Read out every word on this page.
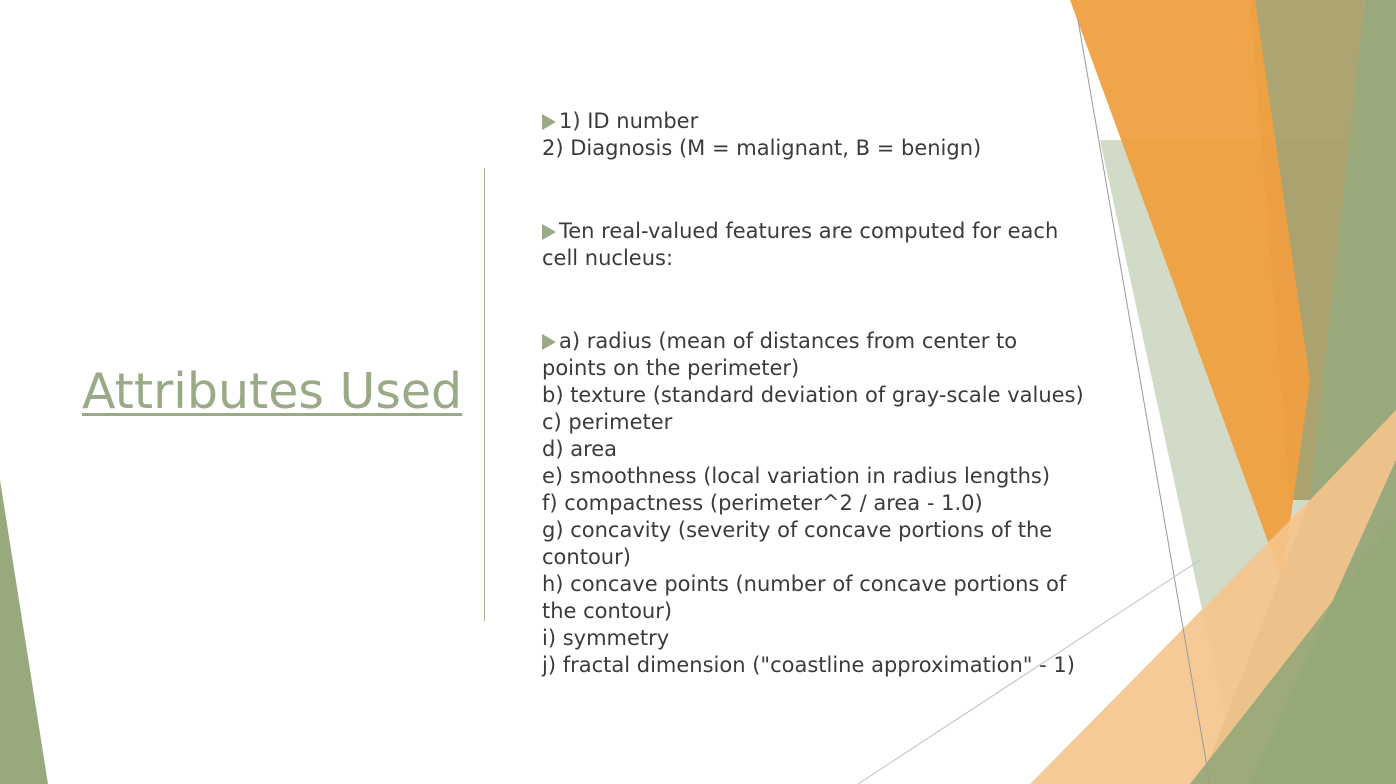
Attributes Used
1) ID number
2) Diagnosis (M = malignant, B = benign)
Ten real-valued features are computed for each
cell nucleus:
a) radius (mean of distances from center to
points on the perimeter)
b) texture (standard deviation of gray-scale values)
c) perimeter
d) area
e) smoothness (local variation in radius lengths)
f) compactness (perimeter^2 / area - 1.0)
g) concavity (severity of concave portions of the
contour)
h) concave points (number of concave portions of
the contour)
i) symmetry
j) fractal dimension ("coastline approximation" - 1)
